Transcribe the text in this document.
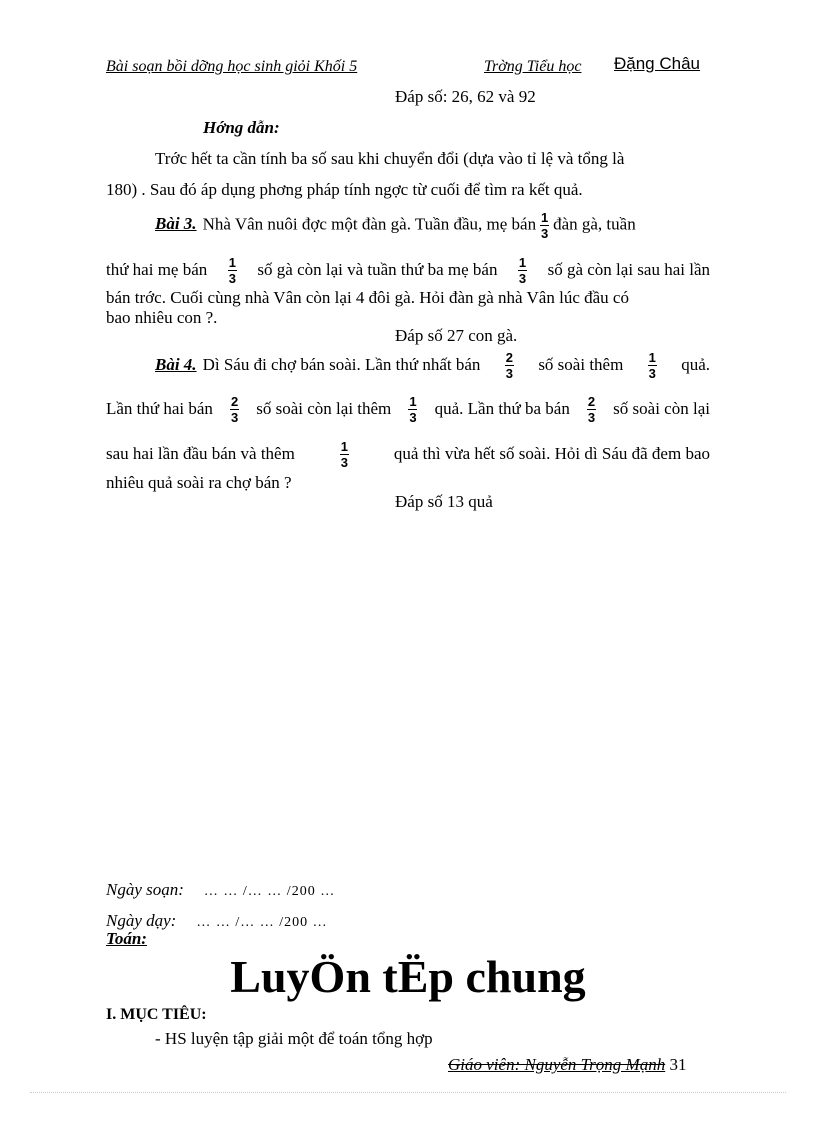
Bài soạn bồi dỡng học sinh giỏi Khối 5	Trờng Tiểu học Đặng Châu
Đáp số: 26, 62 và 92
Hớng dẫn:
Trớc hết ta cần tính ba số sau khi chuyển đổi (dựa vào tỉ lệ và tổng là
180) . Sau đó áp dụng phơng pháp tính ngợc từ cuối để tìm ra kết quả.
Bài 3. Nhà Vân nuôi đợc một đàn gà. Tuần đầu, mẹ bán $\frac{1}{3}$ đàn gà, tuần
thứ hai mẹ bán $\frac{1}{3}$ số gà còn lại và tuần thứ ba mẹ bán $\frac{1}{3}$ số gà còn lại sau hai lần
bán trớc. Cuối cùng nhà Vân còn lại 4 đôi gà. Hỏi đàn gà nhà Vân lúc đầu có
bao nhiêu con ?.
Đáp số 27 con gà.
Bài 4. Dì Sáu đi chợ bán soài. Lần thứ nhất bán $\frac{2}{3}$ số soài thêm $\frac{1}{3}$ quả.
Lần thứ hai bán $\frac{2}{3}$ số soài còn lại thêm $\frac{1}{3}$ quả. Lần thứ ba bán $\frac{2}{3}$ số soài còn lại
sau hai lần đầu bán và thêm	$\frac{1}{3}$	quả thì vừa hết số soài. Hỏi dì Sáu đã đem bao
nhiêu quả soài ra chợ bán ?
Đáp số 13 quả
Ngày soạn: … … /… … /200 …
Ngày dạy: … … /… … /200 …
Toán:
LuyÖn tËp chung
I. MỤC TIÊU:
- HS luyện tập giải một để toán tổng hợp
Giáo viên: Nguyễn Trọng Mạnh 31
